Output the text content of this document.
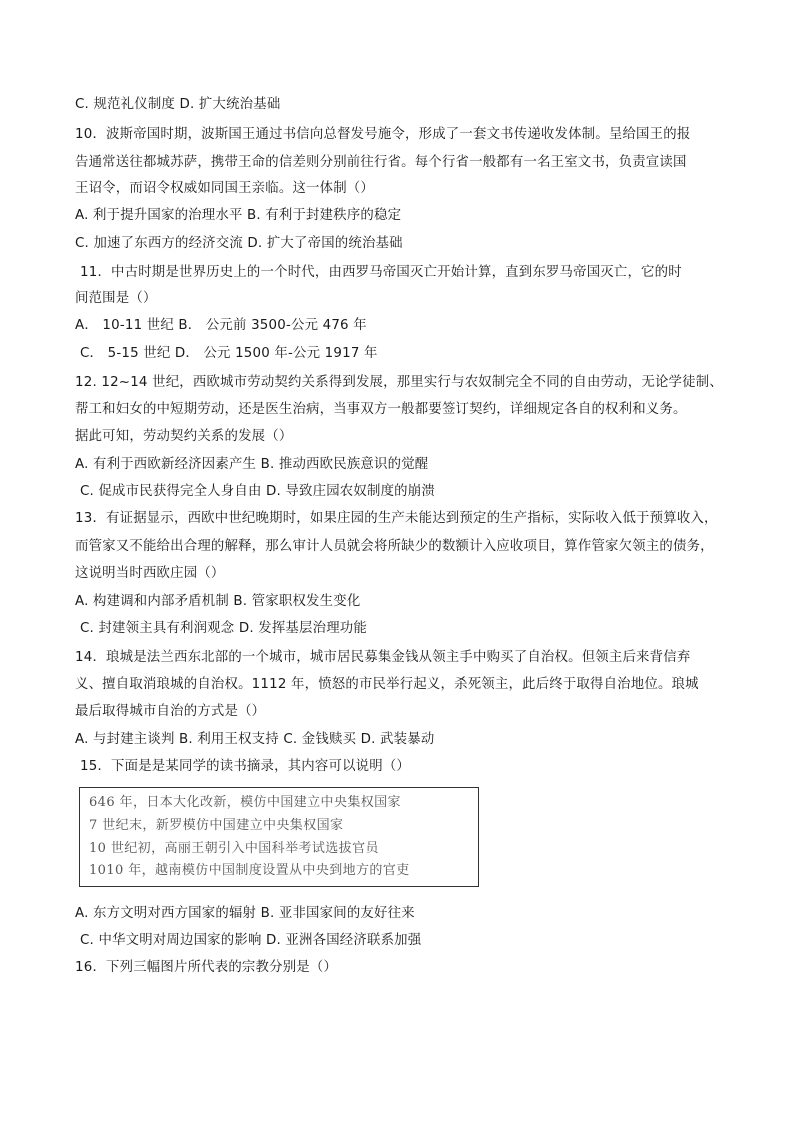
C. 规范礼仪制度 D. 扩大统治基础
10．波斯帝国时期，波斯国王通过书信向总督发号施令，形成了一套文书传递收发体制。呈给国王的报
告通常送往都城苏萨，携带王命的信差则分别前往行省。每个行省一般都有一名王室文书，负责宣读国
王诏令，而诏令权威如同国王亲临。这一体制（）
A. 利于提升国家的治理水平 B. 有利于封建秩序的稳定
C. 加速了东西方的经济交流 D. 扩大了帝国的统治基础
11．中古时期是世界历史上的一个时代，由西罗马帝国灭亡开始计算，直到东罗马帝国灭亡，它的时
间范围是（）
A． 10-11 世纪 B． 公元前 3500-公元 476 年
C． 5-15 世纪 D． 公元 1500 年-公元 1917 年
12. 12~14 世纪，西欧城市劳动契约关系得到发展，那里实行与农奴制完全不同的自由劳动，无论学徒制、
帮工和妇女的中短期劳动，还是医生治病，当事双方一般都要签订契约，详细规定各自的权利和义务。
据此可知，劳动契约关系的发展（）
A. 有利于西欧新经济因素产生 B. 推动西欧民族意识的觉醒
C. 促成市民获得完全人身自由 D. 导致庄园农奴制度的崩溃
13．有证据显示，西欧中世纪晚期时，如果庄园的生产未能达到预定的生产指标，实际收入低于预算收入，
而管家又不能给出合理的解释，那么审计人员就会将所缺少的数额计入应收项目，算作管家欠领主的债务，
这说明当时西欧庄园（）
A. 构建调和内部矛盾机制 B. 管家职权发生变化
C. 封建领主具有利润观念 D. 发挥基层治理功能
14．琅城是法兰西东北部的一个城市，城市居民募集金钱从领主手中购买了自治权。但领主后来背信弃
义、擅自取消琅城的自治权。1112 年，愤怒的市民举行起义，杀死领主，此后终于取得自治地位。琅城
最后取得城市自治的方式是（）
A. 与封建主谈判 B. 利用王权支持 C. 金钱赎买 D. 武装暴动
15．下面是是某同学的读书摘录，其内容可以说明（）
646 年，日本大化改新，模仿中国建立中央集权国家
7 世纪末，新罗模仿中国建立中央集权国家
10 世纪初，高丽王朝引入中国科举考试选拔官员
1010 年，越南模仿中国制度设置从中央到地方的官吏
A. 东方文明对西方国家的辐射 B. 亚非国家间的友好往来
C. 中华文明对周边国家的影响 D. 亚洲各国经济联系加强
16．下列三幅图片所代表的宗教分别是（）
